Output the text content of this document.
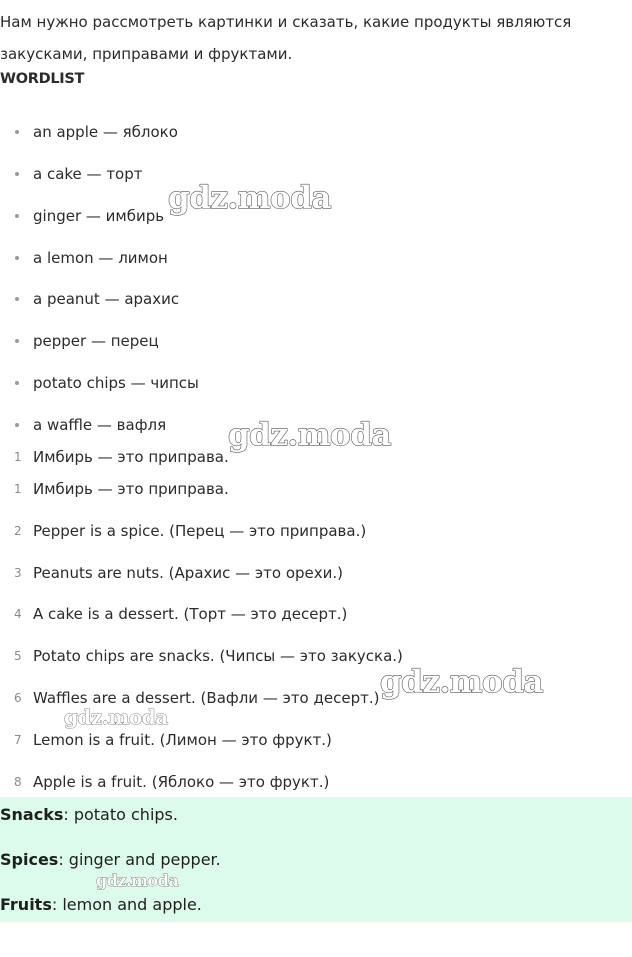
Нам нужно рассмотреть картинки и сказать, какие продукты являются закусками, приправами и фруктами.

WORDLIST

an apple — яблоко
a cake — торт
ginger — имбирь
a lemon — лимон
a peanut — арахис
pepper — перец
potato chips — чипсы
a waffle — вафля
1 Имбирь — это приправа.
1 Имбирь — это приправа.
2 Pepper is a spice. (Перец — это приправа.)
3 Peanuts are nuts. (Арахис — это орехи.)
4 A cake is a dessert. (Торт — это десерт.)
5 Potato chips are snacks. (Чипсы — это закуска.)
6 Waffles are a dessert. (Вафли — это десерт.)
7 Lemon is a fruit. (Лимон — это фрукт.)
8 Apple is a fruit. (Яблоко — это фрукт.)
Snacks: potato chips.
Spices: ginger and pepper.
Fruits: lemon and apple.
gdz.moda
gdz.moda
gdz.moda
gdz.moda
gdz.moda
